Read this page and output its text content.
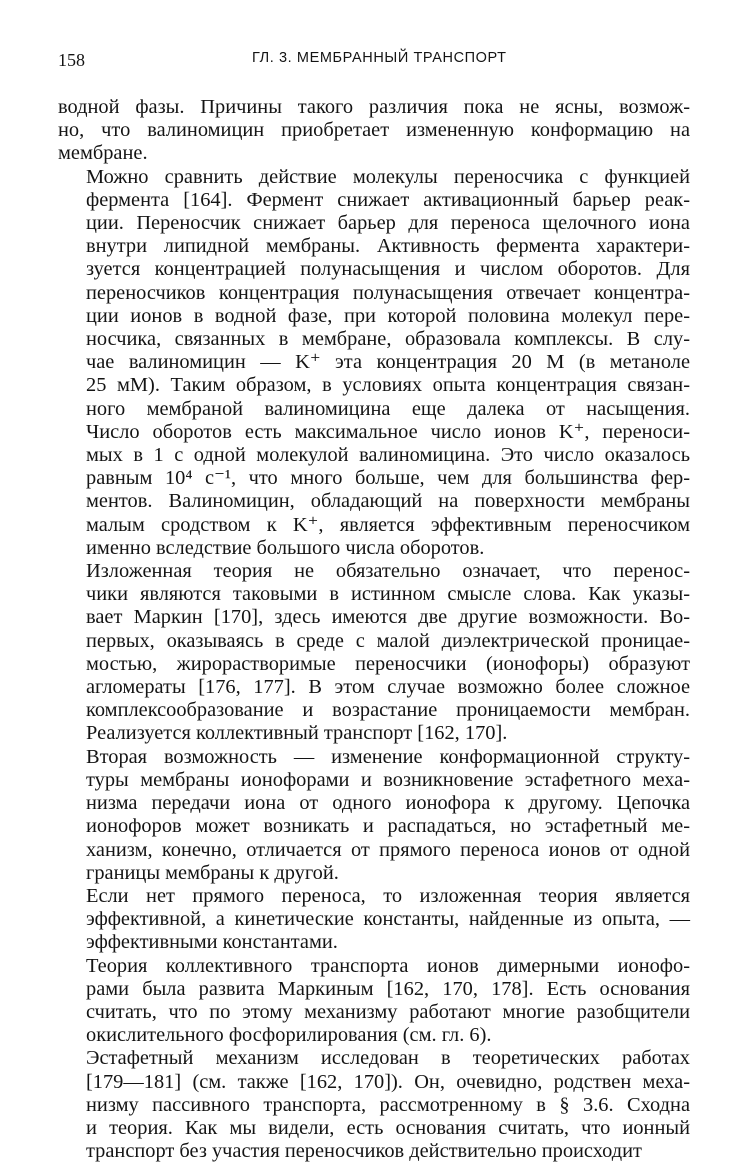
158	ГЛ. 3. МЕМБРАННЫЙ ТРАНСПОРТ
водной фазы. Причины такого различия пока не ясны, возмож-
но, что валиномицин приобретает измененную конформацию на
мембране.
Можно сравнить действие молекулы переносчика с функцией
фермента [164]. Фермент снижает активационный барьер реак-
ции. Переносчик снижает барьер для переноса щелочного иона
внутри липидной мембраны. Активность фермента характери-
зуется концентрацией полунасыщения и числом оборотов. Для
переносчиков концентрация полунасыщения отвечает концентра-
ции ионов в водной фазе, при которой половина молекул пере-
носчика, связанных в мембране, образовала комплексы. В слу-
чае валиномицин — K⁺ эта концентрация 20 M (в метаноле
25 мМ). Таким образом, в условиях опыта концентрация связан-
ного мембраной валиномицина еще далека от насыщения.
Число оборотов есть максимальное число ионов K⁺, переноси-
мых в 1 с одной молекулой валиномицина. Это число оказалось
равным 10⁴ с⁻¹, что много больше, чем для большинства фер-
ментов. Валиномицин, обладающий на поверхности мембраны
малым сродством к K⁺, является эффективным переносчиком
именно вследствие большого числа оборотов.
Изложенная теория не обязательно означает, что перенос-
чики являются таковыми в истинном смысле слова. Как указы-
вает Маркин [170], здесь имеются две другие возможности. Во-
первых, оказываясь в среде с малой диэлектрической проницае-
мостью, жирорастворимые переносчики (ионофоры) образуют
агломераты [176, 177]. В этом случае возможно более сложное
комплексообразование и возрастание проницаемости мембран.
Реализуется коллективный транспорт [162, 170].
Вторая возможность — изменение конформационной структу-
туры мембраны ионофорами и возникновение эстафетного меха-
низма передачи иона от одного ионофора к другому. Цепочка
ионофоров может возникать и распадаться, но эстафетный ме-
ханизм, конечно, отличается от прямого переноса ионов от одной
границы мембраны к другой.
Если нет прямого переноса, то изложенная теория является
эффективной, а кинетические константы, найденные из опыта, —
эффективными константами.
Теория коллективного транспорта ионов димерными ионофо-
рами была развита Маркиным [162, 170, 178]. Есть основания
считать, что по этому механизму работают многие разобщители
окислительного фосфорилирования (см. гл. 6).
Эстафетный механизм исследован в теоретических работах
[179—181] (см. также [162, 170]). Он, очевидно, родствен меха-
низму пассивного транспорта, рассмотренному в § 3.6. Сходна
и теория. Как мы видели, есть основания считать, что ионный
транспорт без участия переносчиков действительно происходит
